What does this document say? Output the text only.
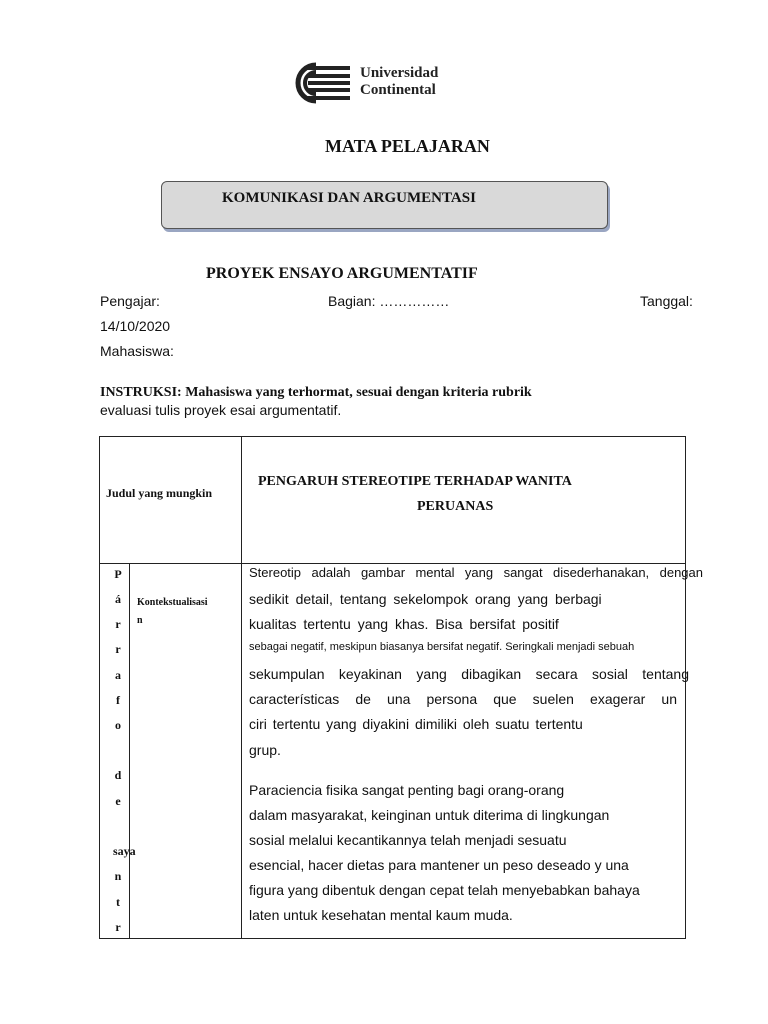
Universidad
Continental
MATA PELAJARAN
KOMUNIKASI DAN ARGUMENTASI
PROYEK ENSAYO ARGUMENTATIF
Pengajar:	Bagian: ……………	Tanggal:
14/10/2020
Mahasiswa:
INSTRUKSI: Mahasiswa yang terhormat, sesuai dengan kriteria rubrik
evaluasi tulis proyek esai argumentatif.
Judul yang mungkin
PENGARUH STEREOTIPE TERHADAP WANITA
PERUANAS
P
á
r
r
a
f
o
d
e
saya
n
t
r
Kontekstualisasi
n
Stereotip adalah gambar mental yang sangat disederhanakan, dengan
sedikit detail, tentang sekelompok orang yang berbagi
kualitas tertentu yang khas. Bisa bersifat positif
sebagai negatif, meskipun biasanya bersifat negatif. Seringkali menjadi sebuah
sekumpulan keyakinan yang dibagikan secara sosial tentang
características de una persona que suelen exagerar un
ciri tertentu yang diyakini dimiliki oleh suatu tertentu
grup.
Paraciencia fisika sangat penting bagi orang-orang
dalam masyarakat, keinginan untuk diterima di lingkungan
sosial melalui kecantikannya telah menjadi sesuatu
esencial, hacer dietas para mantener un peso deseado y una
figura yang dibentuk dengan cepat telah menyebabkan bahaya
laten untuk kesehatan mental kaum muda.
